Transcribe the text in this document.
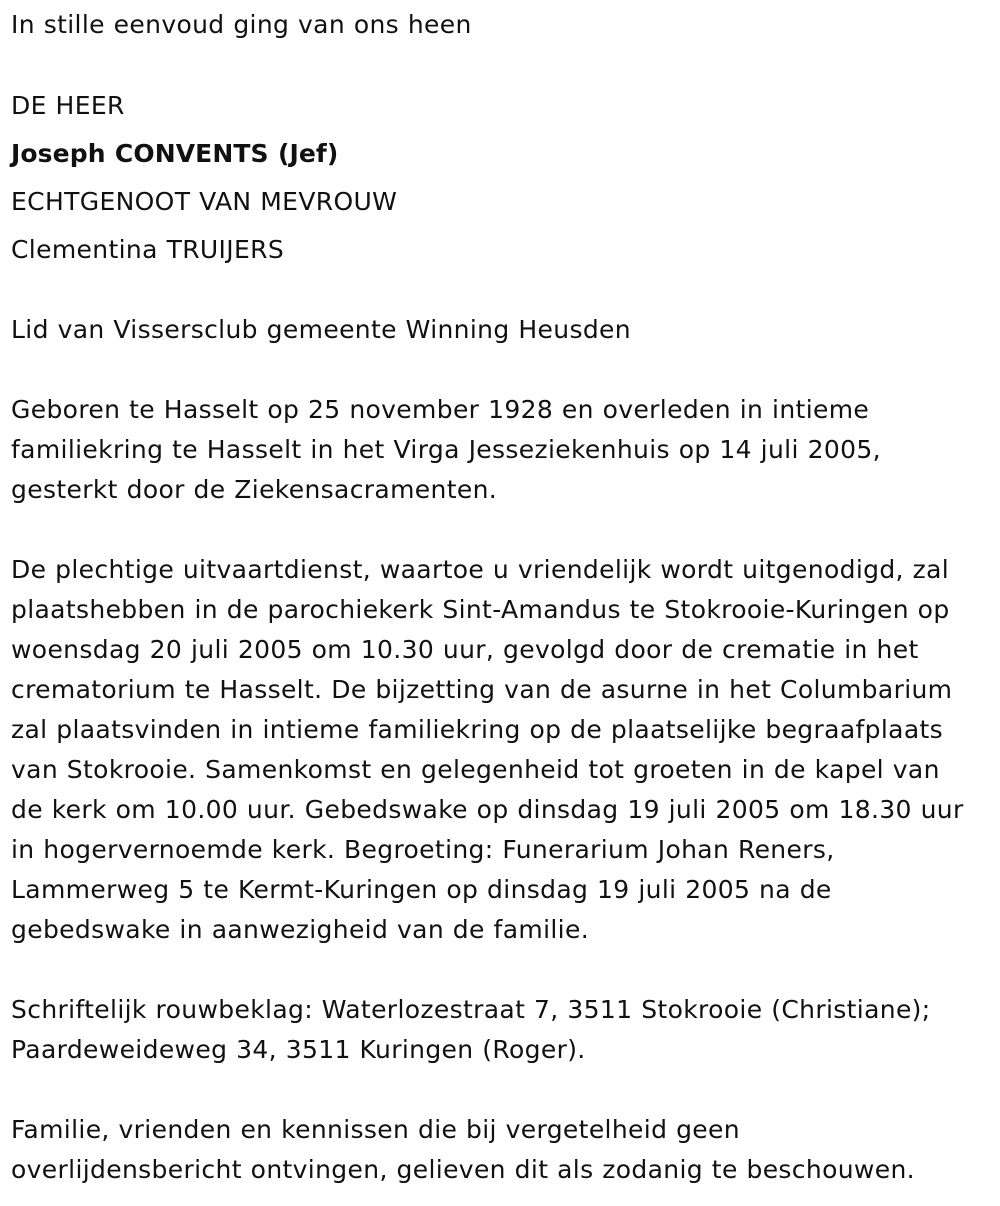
In stille eenvoud ging van ons heen
DE HEER
Joseph CONVENTS (Jef)
ECHTGENOOT VAN MEVROUW
Clementina TRUIJERS
Lid van Vissersclub gemeente Winning Heusden
Geboren te Hasselt op 25 november 1928 en overleden in intieme
familiekring te Hasselt in het Virga Jesseziekenhuis op 14 juli 2005,
gesterkt door de Ziekensacramenten.
De plechtige uitvaartdienst, waartoe u vriendelijk wordt uitgenodigd, zal
plaatshebben in de parochiekerk Sint-Amandus te Stokrooie-Kuringen op
woensdag 20 juli 2005 om 10.30 uur, gevolgd door de crematie in het
crematorium te Hasselt. De bijzetting van de asurne in het Columbarium
zal plaatsvinden in intieme familiekring op de plaatselijke begraafplaats
van Stokrooie. Samenkomst en gelegenheid tot groeten in de kapel van
de kerk om 10.00 uur. Gebedswake op dinsdag 19 juli 2005 om 18.30 uur
in hogervernoemde kerk. Begroeting: Funerarium Johan Reners,
Lammerweg 5 te Kermt-Kuringen op dinsdag 19 juli 2005 na de
gebedswake in aanwezigheid van de familie.
Schriftelijk rouwbeklag: Waterlozestraat 7, 3511 Stokrooie (Christiane);
Paardeweideweg 34, 3511 Kuringen (Roger).
Familie, vrienden en kennissen die bij vergetelheid geen
overlijdensbericht ontvingen, gelieven dit als zodanig te beschouwen.
